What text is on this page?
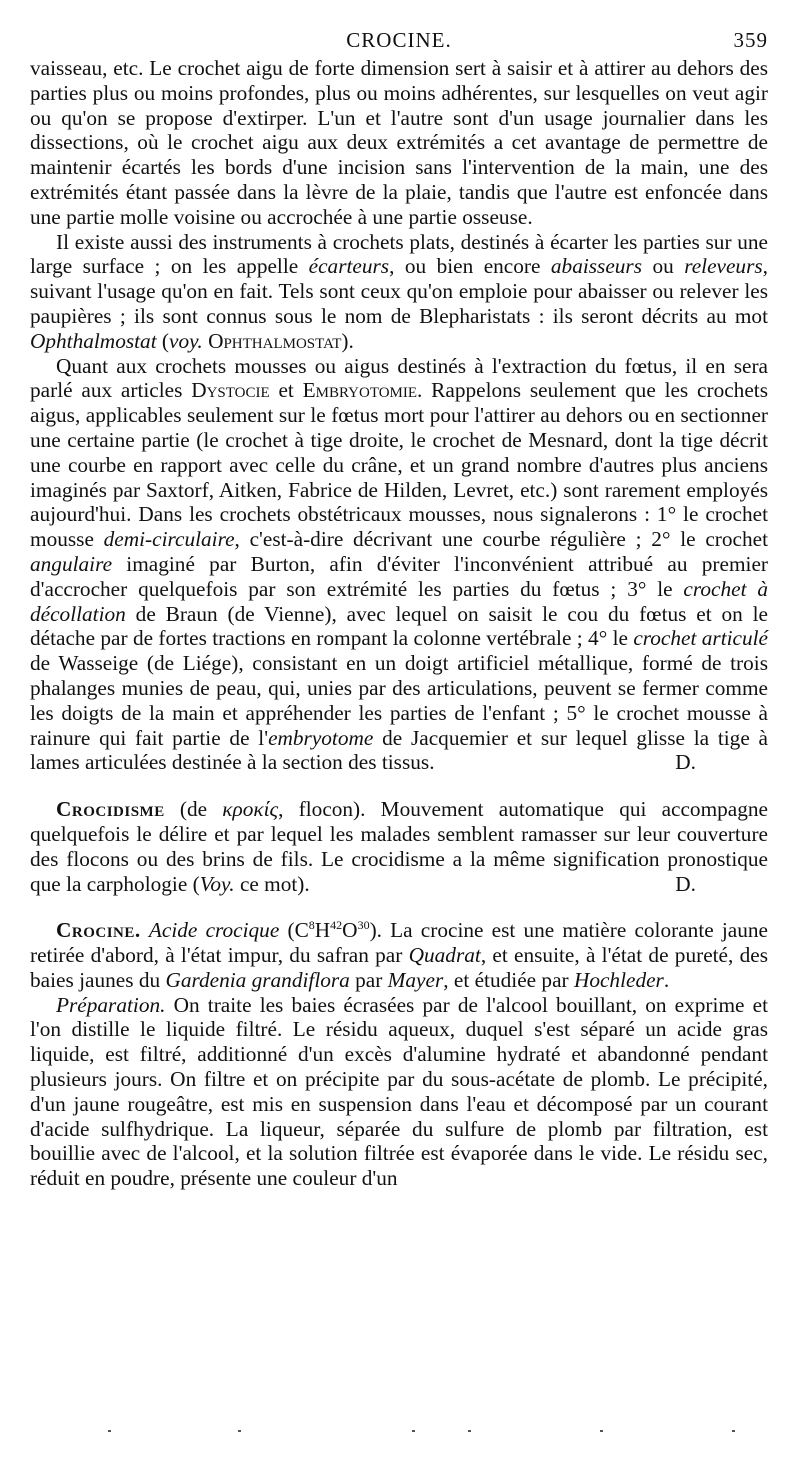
CROCINE.	359

vaisseau, etc. Le crochet aigu de forte dimension sert à saisir et à attirer au dehors des parties plus ou moins profondes, plus ou moins adhérentes, sur lesquelles on veut agir ou qu'on se propose d'extirper. L'un et l'autre sont d'un usage journalier dans les dissections, où le crochet aigu aux deux extrémités a cet avantage de permettre de maintenir écartés les bords d'une incision sans l'intervention de la main, une des extrémités étant passée dans la lèvre de la plaie, tandis que l'autre est enfoncée dans une partie molle voisine ou accrochée à une partie osseuse.

Il existe aussi des instruments à crochets plats, destinés à écarter les parties sur une large surface ; on les appelle écarteurs, ou bien encore abaisseurs ou releveurs, suivant l'usage qu'on en fait. Tels sont ceux qu'on emploie pour abaisser ou relever les paupières ; ils sont connus sous le nom de Blepharistats : ils seront décrits au mot Ophthalmostat (voy. Ophthalmostat).

Quant aux crochets mousses ou aigus destinés à l'extraction du fœtus, il en sera parlé aux articles Dystocie et Embryotomie. Rappelons seulement que les crochets aigus, applicables seulement sur le fœtus mort pour l'attirer au dehors ou en sectionner une certaine partie (le crochet à tige droite, le crochet de Mesnard, dont la tige décrit une courbe en rapport avec celle du crâne, et un grand nombre d'autres plus anciens imaginés par Saxtorf, Aitken, Fabrice de Hilden, Levret, etc.) sont rarement employés aujourd'hui. Dans les crochets obstétricaux mousses, nous signalerons : 1° le crochet mousse demi-circulaire, c'est-à-dire décrivant une courbe régulière ; 2° le crochet angulaire imaginé par Burton, afin d'éviter l'inconvénient attribué au premier d'accrocher quelquefois par son extrémité les parties du fœtus ; 3° le crochet à décollation de Braun (de Vienne), avec lequel on saisit le cou du fœtus et on le détache par de fortes tractions en rompant la colonne vertébrale ; 4° le crochet articulé de Wasseige (de Liége), consistant en un doigt artificiel métallique, formé de trois phalanges munies de peau, qui, unies par des articulations, peuvent se fermer comme les doigts de la main et appréhender les parties de l'enfant ; 5° le crochet mousse à rainure qui fait partie de l'embryotome de Jacquemier et sur lequel glisse la tige à lames articulées destinée à la section des tissus.	D.

Crocidisme (de κροκίς, flocon). Mouvement automatique qui accompagne quelquefois le délire et par lequel les malades semblent ramasser sur leur couverture des flocons ou des brins de fils. Le crocidisme a la même signification pronostique que la carphologie (Voy. ce mot).	D.

Crocine. Acide crocique $(C^8H^{42}O^{30})$. La crocine est une matière colorante jaune retirée d'abord, à l'état impur, du safran par Quadrat, et ensuite, à l'état de pureté, des baies jaunes du Gardenia grandiflora par Mayer, et étudiée par Hochleder.

Préparation. On traite les baies écrasées par de l'alcool bouillant, on exprime et l'on distille le liquide filtré. Le résidu aqueux, duquel s'est séparé un acide gras liquide, est filtré, additionné d'un excès d'alumine hydraté et abandonné pendant plusieurs jours. On filtre et on précipite par du sous-acétate de plomb. Le précipité, d'un jaune rougeâtre, est mis en suspension dans l'eau et décomposé par un courant d'acide sulfhydrique. La liqueur, séparée du sulfure de plomb par filtration, est bouillie avec de l'alcool, et la solution filtrée est évaporée dans le vide. Le résidu sec, réduit en poudre, présente une couleur d'un
